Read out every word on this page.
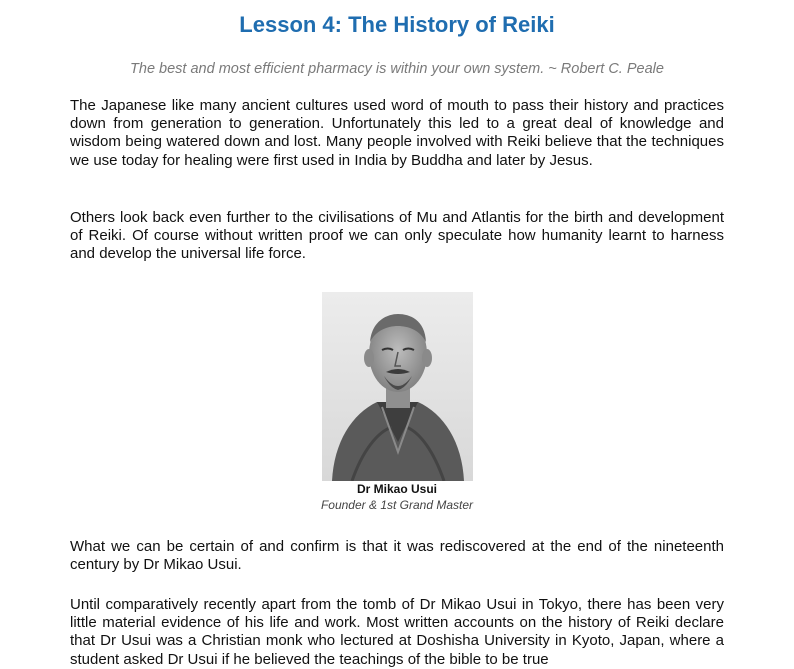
Lesson 4: The History of Reiki
The best and most efficient pharmacy is within your own system. ~ Robert C. Peale

The Japanese like many ancient cultures used word of mouth to pass their history and practices down from generation to generation. Unfortunately this led to a great deal of knowledge and wisdom being watered down and lost. Many people involved with Reiki believe that the techniques we use today for healing were first used in India by Buddha and later by Jesus.

Others look back even further to the civilisations of Mu and Atlantis for the birth and development of Reiki. Of course without written proof we can only speculate how humanity learnt to harness and develop the universal life force.

Dr Mikao Usui
Founder & 1st Grand Master

What we can be certain of and confirm is that it was rediscovered at the end of the nineteenth century by Dr Mikao Usui.

Until comparatively recently apart from the tomb of Dr Mikao Usui in Tokyo, there has been very little material evidence of his life and work. Most written accounts on the history of Reiki declare that Dr Usui was a Christian monk who lectured at Doshisha University in Kyoto, Japan, where a student asked Dr Usui if he believed the teachings of the bible to be true
